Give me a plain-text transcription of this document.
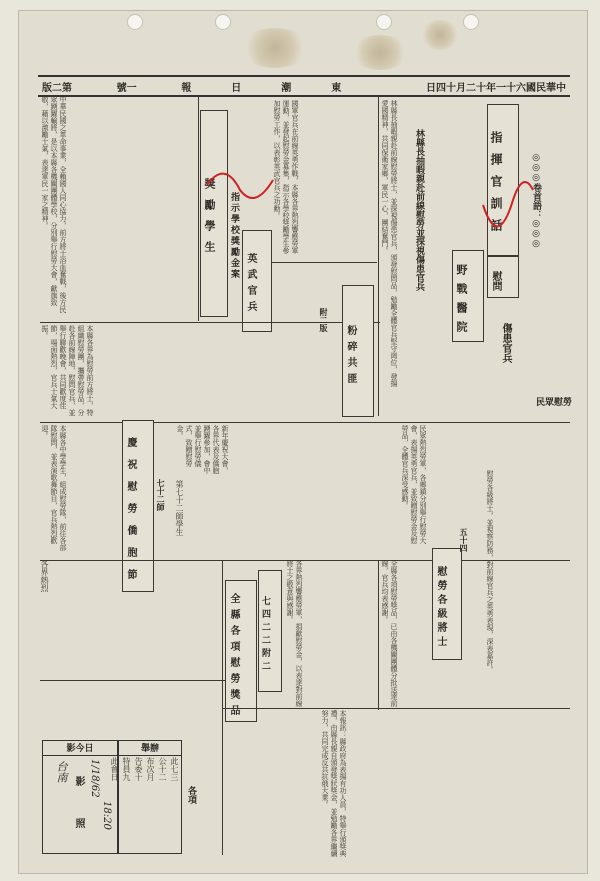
版二第	號一	報日潮東	日四十月二十年一十六國民華中
◎◎◎卷首語：◎◎◎
指揮官訓話
慰問
野戰醫院
傷患官兵
林縣長抽暇親赴前線慰勞並探視傷患官兵
林縣長抽暇親赴前線慰勞將士，並探視傷患官兵，頒發慰問品，勉勵全體官兵堅守崗位，發揚愛國精神，共同保衛家鄉，軍民一心，團結奮鬥。
指示學校獎勵金案
獎勵學生
英武官兵
國軍官兵在前線英勇作戰，本縣各界熱烈響應勞軍運動，並發起慰勞金募集，指示各學校獎勵學生參加慰勞工作，以表彰英武官兵之功勳。
中華民國之革命事業，全賴國人同心協力，前方將士浴血奮戰，後方民眾踴躍輸將，是以本縣各機關團體學校，分別舉行慰勞大會，獻旗致敬，藉以激勵士氣，表達軍民一家之精神。
本縣各界為慰勞前方將士，特組織慰勞團，攜帶慰勞品，分赴各前線陣地，慰問官兵，並舉行聯歡晚會，共同歡度佳節，場面熱烈，官兵士氣大振。	粉碎共匪
附二版
民眾慰勞
民眾熱烈勞軍，各鄉鎮分別舉行慰勞大會，表揚英勇官兵，並致贈慰勞金及慰勞品，全體官兵深受感動。
慶祝慰勞僑胞節
七十二師
新年慶祝大會，各界代表及僑胞踴躍參加，會中並舉行慰勞儀式，致贈慰勞金。
本縣各中學學生，組成慰勞隊，前往各部隊慰問，並表演歌舞節目，官兵熱烈歡迎。
第七十二師學生
慰勞各級將士
五十四	慰勞各級將士，並視察防務，對前線官兵之英勇表現，深表嘉許。
全縣各項慰勞獎品，已由各機關團體分批送達前線，官兵均表感謝。
七四二二附二
全縣各項慰勞獎品	各界熱烈響應勞軍，捐獻慰勞金，以表達對前線將士之敬意與感謝。
各界熱烈
本報訊：縣政府為表揚有功人員，特舉行頒獎典禮，由縣長親自頒發獎狀獎金，並勉勵各界繼續努力，共同完成反共抗俄大業。
各項
舉辦
此七三
公十二
布次月
告委十
特員九
此會日
影今日
影
照
台南 1/18/62
18:20
